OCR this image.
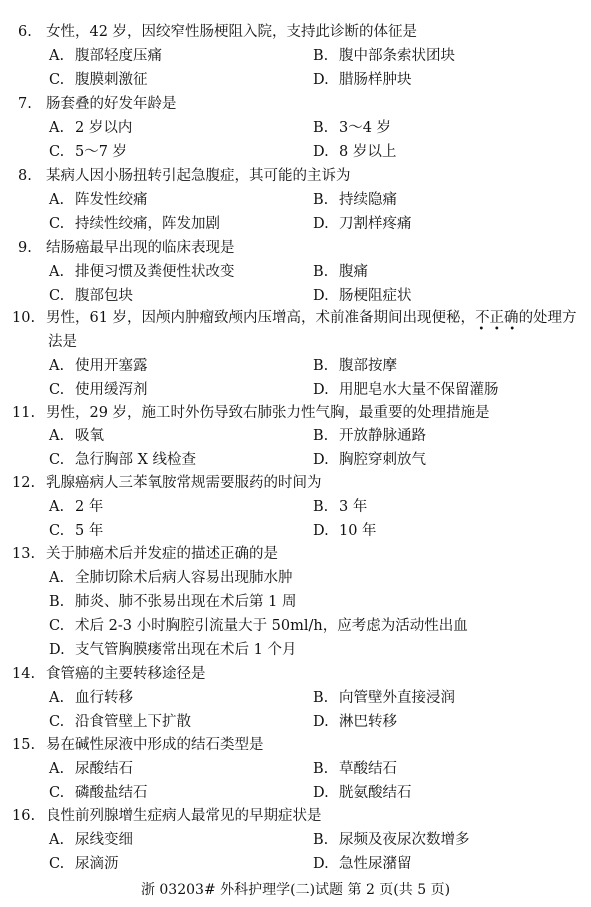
6. 女性，42 岁，因绞窄性肠梗阻入院，支持此诊断的体征是
A. 腹部轻度压痛	B. 腹中部条索状团块
C. 腹膜刺激征	D. 腊肠样肿块
7. 肠套叠的好发年龄是
A. 2 岁以内	B. 3～4 岁
C. 5～7 岁	D. 8 岁以上
8. 某病人因小肠扭转引起急腹症，其可能的主诉为
A. 阵发性绞痛	B. 持续隐痛
C. 持续性绞痛，阵发加剧	D. 刀割样疼痛
9. 结肠癌最早出现的临床表现是
A. 排便习惯及粪便性状改变	B. 腹痛
C. 腹部包块	D. 肠梗阻症状
10. 男性，61 岁，因颅内肿瘤致颅内压增高，术前准备期间出现便秘，不正确
•   •   •
的处理方
法是
A. 使用开塞露	B. 腹部按摩
C. 使用缓泻剂	D. 用肥皂水大量不保留灌肠
11. 男性，29 岁，施工时外伤导致右肺张力性气胸，最重要的处理措施是
A. 吸氧	B. 开放静脉通路
C. 急行胸部 X 线检查	D. 胸腔穿刺放气
12. 乳腺癌病人三苯氧胺常规需要服药的时间为
A. 2 年	B. 3 年
C. 5 年	D. 10 年
13. 关于肺癌术后并发症的描述正确的是
A. 全肺切除术后病人容易出现肺水肿
B. 肺炎、肺不张易出现在术后第 1 周
C. 术后 2-3 小时胸腔引流量大于 50ml/h，应考虑为活动性出血
D. 支气管胸膜瘘常出现在术后 1 个月
14. 食管癌的主要转移途径是
A. 血行转移	B. 向管壁外直接浸润
C. 沿食管壁上下扩散	D. 淋巴转移
15. 易在碱性尿液中形成的结石类型是
A. 尿酸结石	B. 草酸结石
C. 磷酸盐结石	D. 胱氨酸结石
16. 良性前列腺增生症病人最常见的早期症状是
A. 尿线变细	B. 尿频及夜尿次数增多
C. 尿滴沥	D. 急性尿潴留
浙 03203# 外科护理学(二)试题 第 2 页(共 5 页)
